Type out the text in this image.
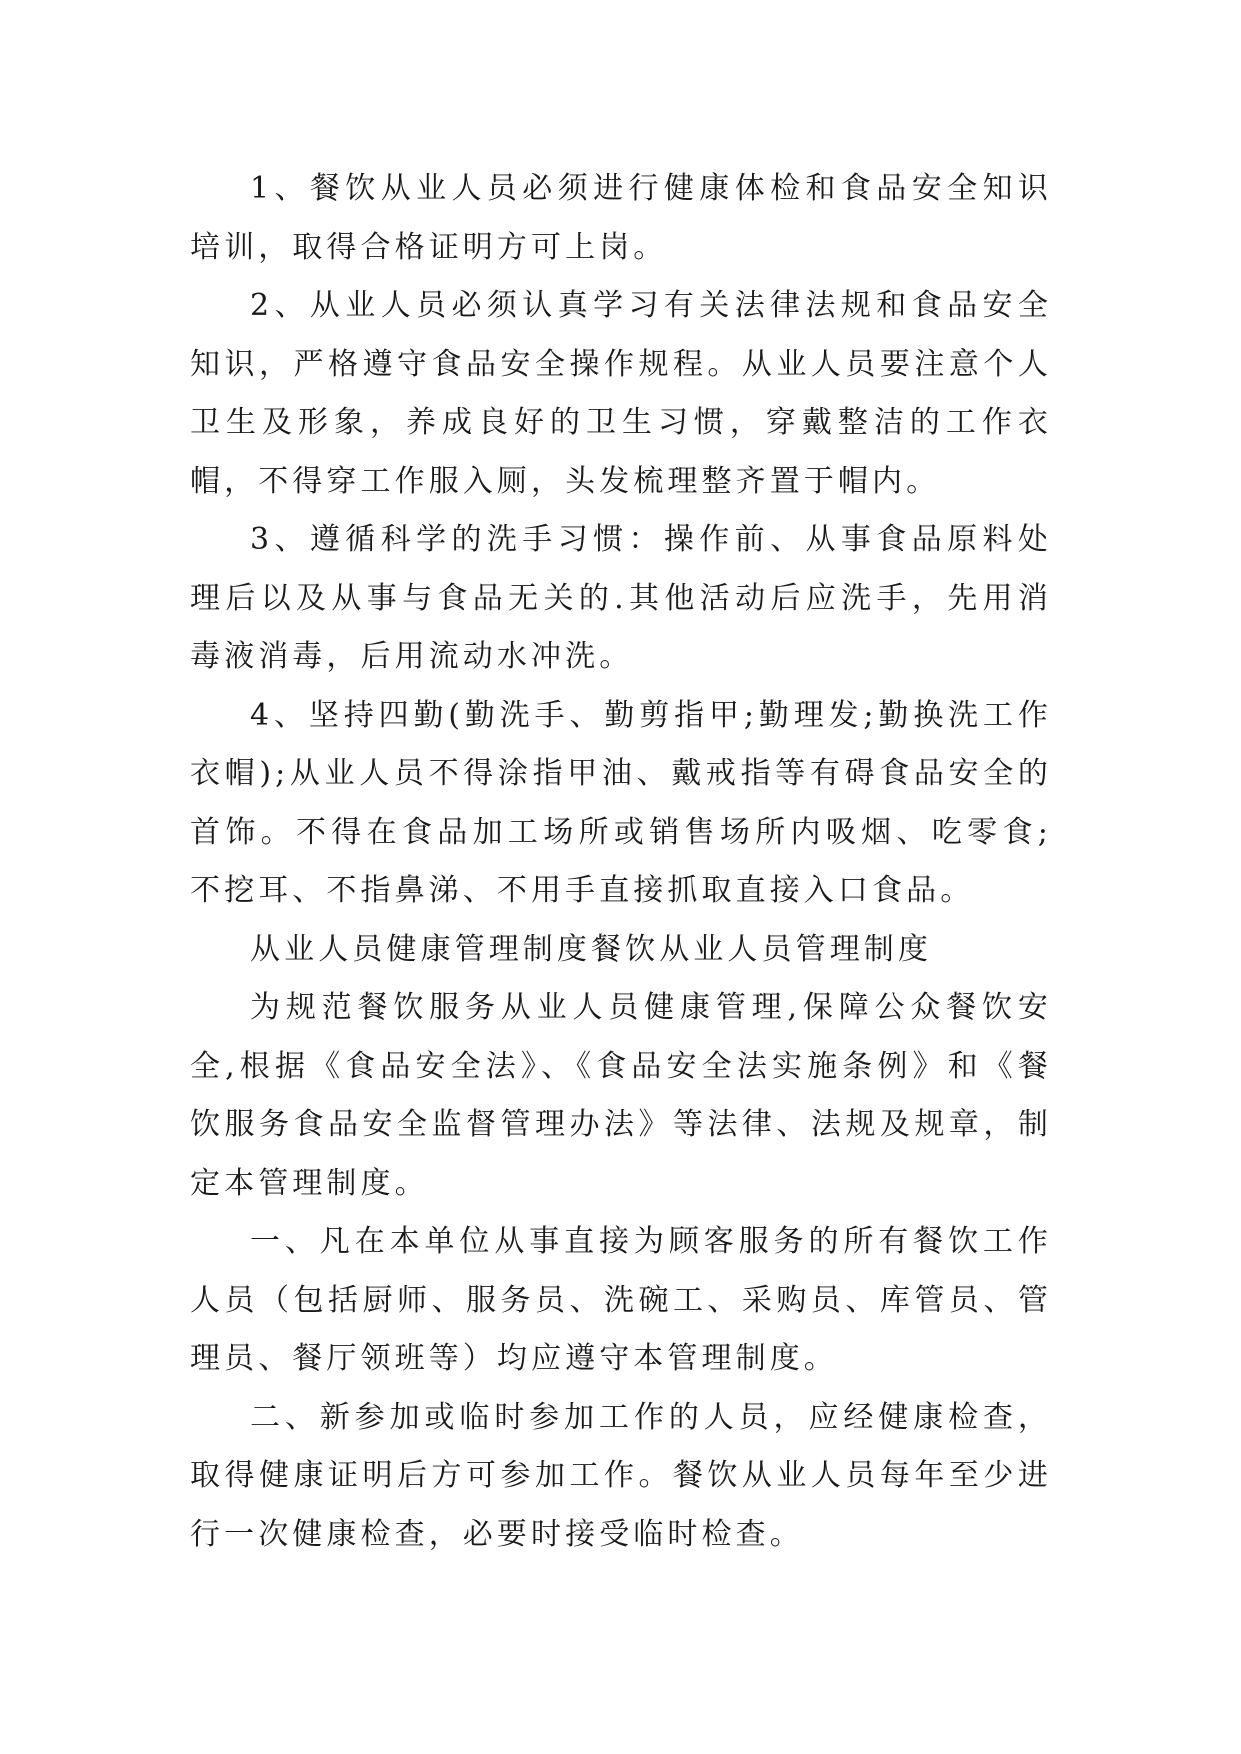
1、餐饮从业人员必须进行健康体检和食品安全知识培训，取得合格证明方可上岗。

2、从业人员必须认真学习有关法律法规和食品安全知识，严格遵守食品安全操作规程。从业人员要注意个人卫生及形象，养成良好的卫生习惯，穿戴整洁的工作衣帽，不得穿工作服入厕，头发梳理整齐置于帽内。

3、遵循科学的洗手习惯：操作前、从事食品原料处理后以及从事与食品无关的.其他活动后应洗手，先用消毒液消毒，后用流动水冲洗。

4、坚持四勤(勤洗手、勤剪指甲;勤理发;勤换洗工作衣帽);从业人员不得涂指甲油、戴戒指等有碍食品安全的首饰。不得在食品加工场所或销售场所内吸烟、吃零食;不挖耳、不指鼻涕、不用手直接抓取直接入口食品。

从业人员健康管理制度餐饮从业人员管理制度

为规范餐饮服务从业人员健康管理,保障公众餐饮安全,根据《食品安全法》、《食品安全法实施条例》和《餐饮服务食品安全监督管理办法》等法律、法规及规章，制定本管理制度。

一、凡在本单位从事直接为顾客服务的所有餐饮工作人员（包括厨师、服务员、洗碗工、采购员、库管员、管理员、餐厅领班等）均应遵守本管理制度。

二、新参加或临时参加工作的人员，应经健康检查，取得健康证明后方可参加工作。餐饮从业人员每年至少进行一次健康检查，必要时接受临时检查。
